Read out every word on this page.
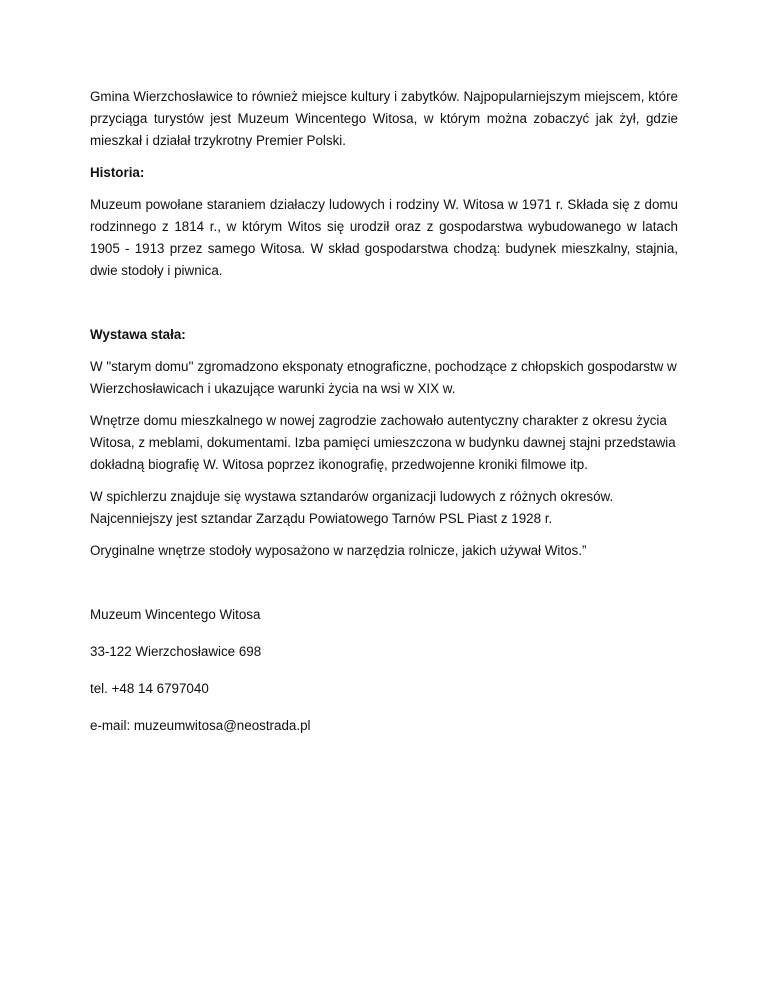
Gmina Wierzchosławice to również miejsce kultury i zabytków. Najpopularniejszym miejscem, które przyciąga turystów jest Muzeum Wincentego Witosa, w którym można zobaczyć jak żył, gdzie mieszkał i działał trzykrotny Premier Polski.

Historia:

Muzeum powołane staraniem działaczy ludowych i rodziny W. Witosa w 1971 r. Składa się z domu rodzinnego z 1814 r., w którym Witos się urodził oraz z gospodarstwa wybudowanego w latach 1905 - 1913 przez samego Witosa. W skład gospodarstwa chodzą: budynek mieszkalny, stajnia, dwie stodoły i piwnica.

Wystawa stała:

W "starym domu'' zgromadzono eksponaty etnograficzne, pochodzące z chłopskich gospodarstw w Wierzchosławicach i ukazujące warunki życia na wsi w XIX w.

Wnętrze domu mieszkalnego w nowej zagrodzie zachowało autentyczny charakter z okresu życia Witosa, z meblami, dokumentami. Izba pamięci umieszczona w budynku dawnej stajni przedstawia dokładną biografię W. Witosa poprzez ikonografię, przedwojenne kroniki filmowe itp.

W spichlerzu znajduje się wystawa sztandarów organizacji ludowych z różnych okresów. Najcenniejszy jest sztandar Zarządu Powiatowego Tarnów PSL Piast z 1928 r.

Oryginalne wnętrze stodoły wyposażono w narzędzia rolnicze, jakich używał Witos.”

Muzeum Wincentego Witosa

33-122 Wierzchosławice 698

tel. +48 14 6797040

e-mail: muzeumwitosa@neostrada.pl
